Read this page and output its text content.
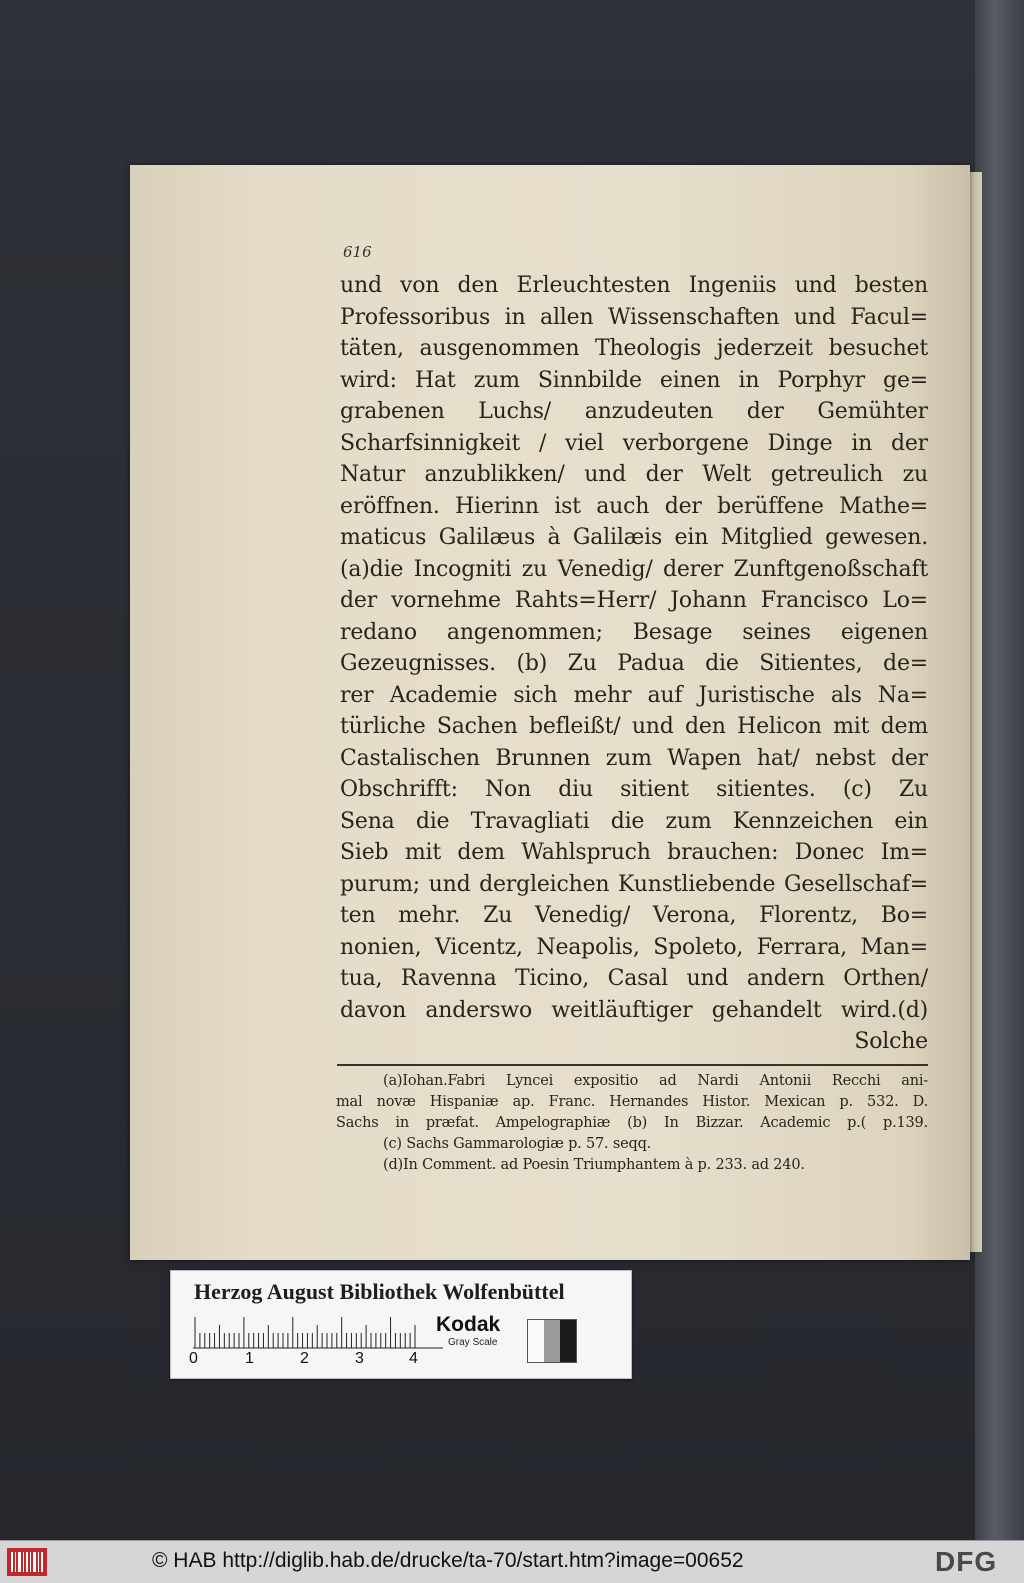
616
und von den Erleuchtesten Ingeniis und besten
Professoribus in allen Wissenschaften und Facul=
täten, ausgenommen Theologis jederzeit besuchet
wird: Hat zum Sinnbilde einen in Porphyr ge=
grabenen Luchs/ anzudeuten der Gemühter
Scharfsinnigkeit / viel verborgene Dinge in der
Natur anzublikken/ und der Welt getreulich zu
eröffnen. Hierinn ist auch der berüffene Mathe=
maticus Galilæus à Galilæis ein Mitglied gewesen.
(a)die Incogniti zu Venedig/ derer Zunftgenoßschaft
der vornehme Rahts=Herr/ Johann Francisco Lo=
redano angenommen; Besage seines eigenen
Gezeugnisses. (b) Zu Padua die Sitientes, de=
rer Academie sich mehr auf Juristische als Na=
türliche Sachen befleißt/ und den Helicon mit dem
Castalischen Brunnen zum Wapen hat/ nebst der
Obschrifft: Non diu sitient sitientes. (c) Zu
Sena die Travagliati die zum Kennzeichen ein
Sieb mit dem Wahlspruch brauchen: Donec Im=
purum; und dergleichen Kunstliebende Gesellschaf=
ten mehr. Zu Venedig/ Verona, Florentz, Bo=
nonien, Vicentz, Neapolis, Spoleto, Ferrara, Man=
tua, Ravenna Ticino, Casal und andern Orthen/
davon anderswo weitläuftiger gehandelt wird.(d)
Solche
(a)Iohan.Fabri Lyncei expositio ad Nardi Antonii Recchi ani-
mal novæ Hispaniæ ap. Franc. Hernandes Histor. Mexican p. 532. D.
Sachs in præfat. Ampelographiæ (b) In Bizzar. Academic p.( p.139.
(c) Sachs Gammarologiæ p. 57. seqq.
(d)In Comment. ad Poesin Triumphantem à p. 233. ad 240.
Herzog August Bibliothek Wolfenbüttel
0	1	2	3	4
Kodak
Gray Scale
© HAB http://diglib.hab.de/drucke/ta-70/start.htm?image=00652	DFG
